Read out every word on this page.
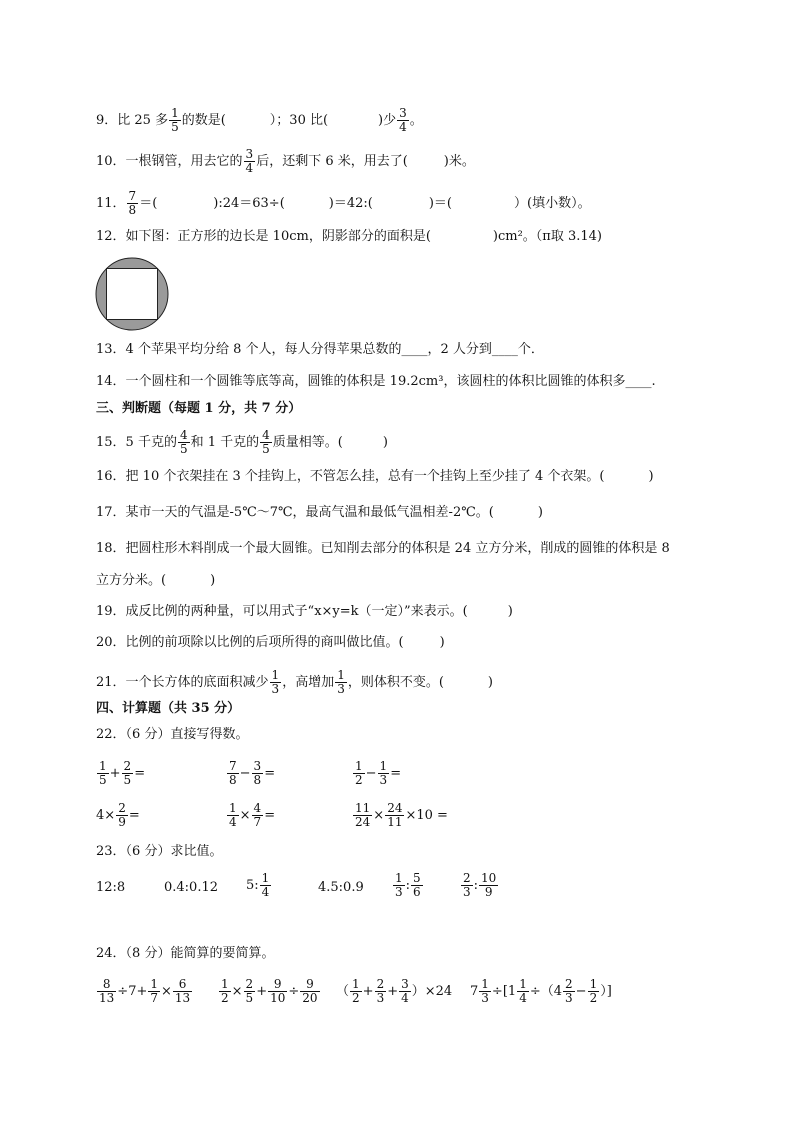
9．比 25 多 $\frac{1}{5}$ 的数是(	）；30 比(	)少 $\frac{3}{4}$ 。
10．一根钢管，用去它的 $\frac{3}{4}$ 后，还剩下 6 米，用去了(	)米。
11． $\frac{7}{8}$ ＝(	):24＝63÷(	)＝42:(	)＝(	）(填小数）。
12．如下图：正方形的边长是 10cm，阴影部分的面积是(	)cm²。（π取 3.14)
13．4 个苹果平均分给 8 个人，每人分得苹果总数的____，2 人分到____个．
14．一个圆柱和一个圆锥等底等高，圆锥的体积是 19.2cm³，该圆柱的体积比圆锥的体积多____.
三、判断题（每题 1 分，共 7 分）
15．5 千克的 $\frac{4}{5}$ 和 1 千克的 $\frac{4}{5}$ 质量相等。(	)
16．把 10 个衣架挂在 3 个挂钩上，不管怎么挂，总有一个挂钩上至少挂了 4 个衣架。(	)
17．某市一天的气温是-5℃～7℃，最高气温和最低气温相差-2℃。(	)
18．把圆柱形木料削成一个最大圆锥。已知削去部分的体积是 24 立方分米，削成的圆锥的体积是 8
立方分米。(	)
19．成反比例的两种量，可以用式子“x×y=k（一定）”来表示。(	)
20．比例的前项除以比例的后项所得的商叫做比值。(	)
21．一个长方体的底面积减少 $\frac{1}{3}$ ，高增加 $\frac{1}{3}$ ，则体积不变。(	)
四、计算题（共 35 分）
22．（6 分）直接写得数。
$\frac{1}{5} + \frac{2}{5}$ =	$\frac{7}{8} - \frac{3}{8}$ =	$\frac{1}{2} - \frac{1}{3}$ =
$4\times \frac{2}{9}$ =	$\frac{1}{4} \times \frac{4}{7}$ =	$\frac{11}{24} \times \frac{24}{11} \times 10$ =
23．（6 分）求比值。
12:8	0.4:0.12 5: $\frac{1}{4}$	4.5:0.9 $\frac{1}{3}$ : $\frac{5}{6}$	$\frac{2}{3}$ : $\frac{10}{9}$
24．（8 分）能简算的要简算。
$\frac{8}{13} \div 7+ \frac{1}{7} \times \frac{6}{13} \frac{1}{2} \times \frac{2}{5} + \frac{9}{10} \div \frac{9}{20}$ （ $\frac{1}{2} + \frac{2}{3} + \frac{3}{4} )\times 24$ $7 \frac{1}{3} \div[1 \frac{1}{4} \div(4 \frac{2}{3} - \frac{1}{2}$ ）]
